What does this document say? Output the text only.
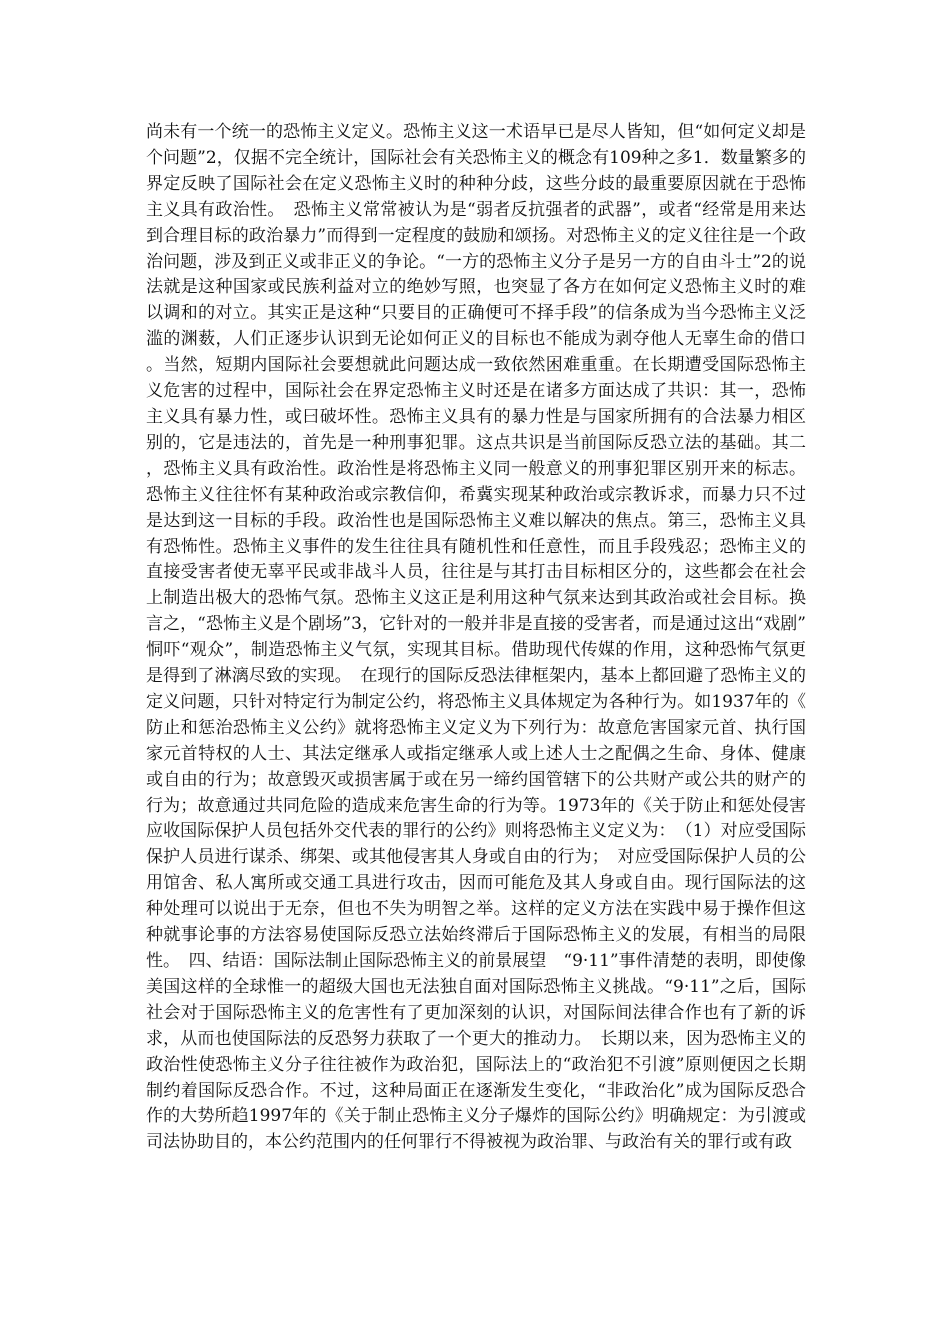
尚未有一个统一的恐怖主义定义。恐怖主义这一术语早已是尽人皆知，但“如何定义却是个问题”2，仅据不完全统计，国际社会有关恐怖主义的概念有109种之多1．数量繁多的界定反映了国际社会在定义恐怖主义时的种种分歧，这些分歧的最重要原因就在于恐怖主义具有政治性。　恐怖主义常常被认为是“弱者反抗强者的武器”，或者“经常是用来达到合理目标的政治暴力”而得到一定程度的鼓励和颂扬。对恐怖主义的定义往往是一个政治问题，涉及到正义或非正义的争论。“一方的恐怖主义分子是另一方的自由斗士”2的说法就是这种国家或民族利益对立的绝妙写照，也突显了各方在如何定义恐怖主义时的难以调和的对立。其实正是这种“只要目的正确便可不择手段”的信条成为当今恐怖主义泛滥的渊薮，人们正逐步认识到无论如何正义的目标也不能成为剥夺他人无辜生命的借口。当然，短期内国际社会要想就此问题达成一致依然困难重重。在长期遭受国际恐怖主义危害的过程中，国际社会在界定恐怖主义时还是在诸多方面达成了共识：其一，恐怖主义具有暴力性，或曰破坏性。恐怖主义具有的暴力性是与国家所拥有的合法暴力相区别的，它是违法的，首先是一种刑事犯罪。这点共识是当前国际反恐立法的基础。其二，恐怖主义具有政治性。政治性是将恐怖主义同一般意义的刑事犯罪区别开来的标志。恐怖主义往往怀有某种政治或宗教信仰，希冀实现某种政治或宗教诉求，而暴力只不过是达到这一目标的手段。政治性也是国际恐怖主义难以解决的焦点。第三，恐怖主义具有恐怖性。恐怖主义事件的发生往往具有随机性和任意性，而且手段残忍；恐怖主义的直接受害者使无辜平民或非战斗人员，往往是与其打击目标相区分的，这些都会在社会上制造出极大的恐怖气氛。恐怖主义这正是利用这种气氛来达到其政治或社会目标。换言之，“恐怖主义是个剧场”3，它针对的一般并非是直接的受害者，而是通过这出“戏剧”恫吓“观众”，制造恐怖主义气氛，实现其目标。借助现代传媒的作用，这种恐怖气氛更是得到了淋漓尽致的实现。　在现行的国际反恐法律框架内，基本上都回避了恐怖主义的定义问题，只针对特定行为制定公约，将恐怖主义具体规定为各种行为。如1937年的《防止和惩治恐怖主义公约》就将恐怖主义定义为下列行为：故意危害国家元首、执行国家元首特权的人士、其法定继承人或指定继承人或上述人士之配偶之生命、身体、健康或自由的行为；故意毁灭或损害属于或在另一缔约国管辖下的公共财产或公共的财产的行为；故意通过共同危险的造成来危害生命的行为等。1973年的《关于防止和惩处侵害应收国际保护人员包括外交代表的罪行的公约》则将恐怖主义定义为：　（1）对应受国际保护人员进行谋杀、绑架、或其他侵害其人身或自由的行为；　对应受国际保护人员的公用馆舍、私人寓所或交通工具进行攻击，因而可能危及其人身或自由。现行国际法的这种处理可以说出于无奈，但也不失为明智之举。这样的定义方法在实践中易于操作但这种就事论事的方法容易使国际反恐立法始终滞后于国际恐怖主义的发展，有相当的局限性。　四、结语：国际法制止国际恐怖主义的前景展望　“9·11”事件清楚的表明，即使像美国这样的全球惟一的超级大国也无法独自面对国际恐怖主义挑战。“9·11”之后，国际社会对于国际恐怖主义的危害性有了更加深刻的认识，对国际间法律合作也有了新的诉求，从而也使国际法的反恐努力获取了一个更大的推动力。　长期以来，因为恐怖主义的政治性使恐怖主义分子往往被作为政治犯，国际法上的“政治犯不引渡”原则便因之长期制约着国际反恐合作。不过，这种局面正在逐渐发生变化，“非政治化”成为国际反恐合作的大势所趋1997年的《关于制止恐怖主义分子爆炸的国际公约》明确规定：为引渡或司法协助目的，本公约范围内的任何罪行不得被视为政治罪、与政治有关的罪行或有政
